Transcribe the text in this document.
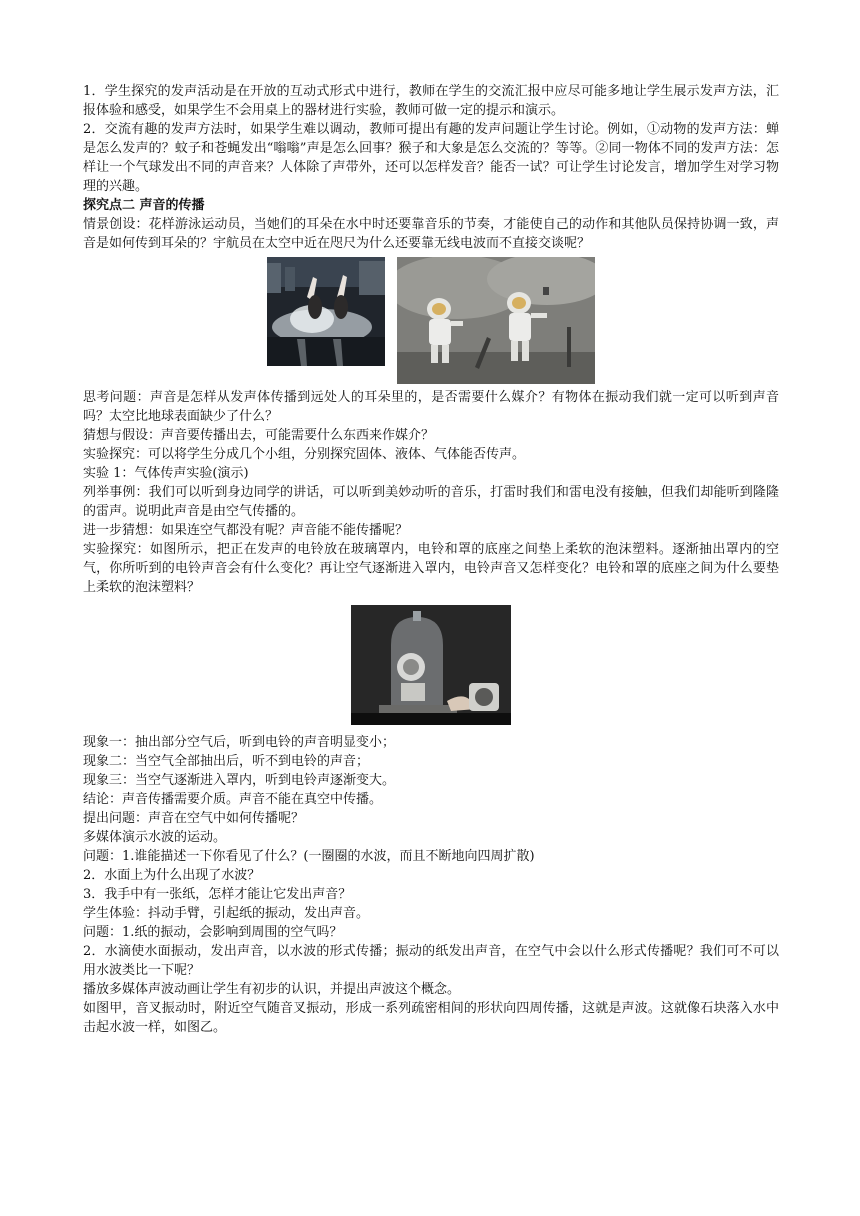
1．学生探究的发声活动是在开放的互动式形式中进行，教师在学生的交流汇报中应尽可能多地让学生展示发声方法，汇报体验和感受，如果学生不会用桌上的器材进行实验，教师可做一定的提示和演示。

2．交流有趣的发声方法时，如果学生难以调动，教师可提出有趣的发声问题让学生讨论。例如，①动物的发声方法：蝉是怎么发声的？蚊子和苍蝇发出“嗡嗡”声是怎么回事？猴子和大象是怎么交流的？等等。②同一物体不同的发声方法：怎样让一个气球发出不同的声音来？人体除了声带外，还可以怎样发音？能否一试？可让学生讨论发言，增加学生对学习物理的兴趣。

探究点二 声音的传播

情景创设：花样游泳运动员，当她们的耳朵在水中时还要靠音乐的节奏，才能使自己的动作和其他队员保持协调一致，声音是如何传到耳朵的？宇航员在太空中近在咫尺为什么还要靠无线电波而不直接交谈呢？

思考问题：声音是怎样从发声体传播到远处人的耳朵里的，是否需要什么媒介？有物体在振动我们就一定可以听到声音吗？太空比地球表面缺少了什么？

猜想与假设：声音要传播出去，可能需要什么东西来作媒介？

实验探究：可以将学生分成几个小组，分别探究固体、液体、气体能否传声。

实验 1：气体传声实验(演示)

列举事例：我们可以听到身边同学的讲话，可以听到美妙动听的音乐，打雷时我们和雷电没有接触，但我们却能听到隆隆的雷声。说明此声音是由空气传播的。

进一步猜想：如果连空气都没有呢？声音能不能传播呢？

实验探究：如图所示，把正在发声的电铃放在玻璃罩内，电铃和罩的底座之间垫上柔软的泡沫塑料。逐渐抽出罩内的空气，你所听到的电铃声音会有什么变化？再让空气逐渐进入罩内，电铃声音又怎样变化？电铃和罩的底座之间为什么要垫上柔软的泡沫塑料？

现象一：抽出部分空气后，听到电铃的声音明显变小；

现象二：当空气全部抽出后，听不到电铃的声音；

现象三：当空气逐渐进入罩内，听到电铃声逐渐变大。

结论：声音传播需要介质。声音不能在真空中传播。

提出问题：声音在空气中如何传播呢？

多媒体演示水波的运动。

问题：1.谁能描述一下你看见了什么？(一圈圈的水波，而且不断地向四周扩散)

2．水面上为什么出现了水波？

3．我手中有一张纸，怎样才能让它发出声音？

学生体验：抖动手臂，引起纸的振动，发出声音。

问题：1.纸的振动，会影响到周围的空气吗？

2．水滴使水面振动，发出声音，以水波的形式传播；振动的纸发出声音，在空气中会以什么形式传播呢？我们可不可以用水波类比一下呢？

播放多媒体声波动画让学生有初步的认识，并提出声波这个概念。

如图甲，音叉振动时，附近空气随音叉振动，形成一系列疏密相间的形状向四周传播，这就是声波。这就像石块落入水中击起水波一样，如图乙。
